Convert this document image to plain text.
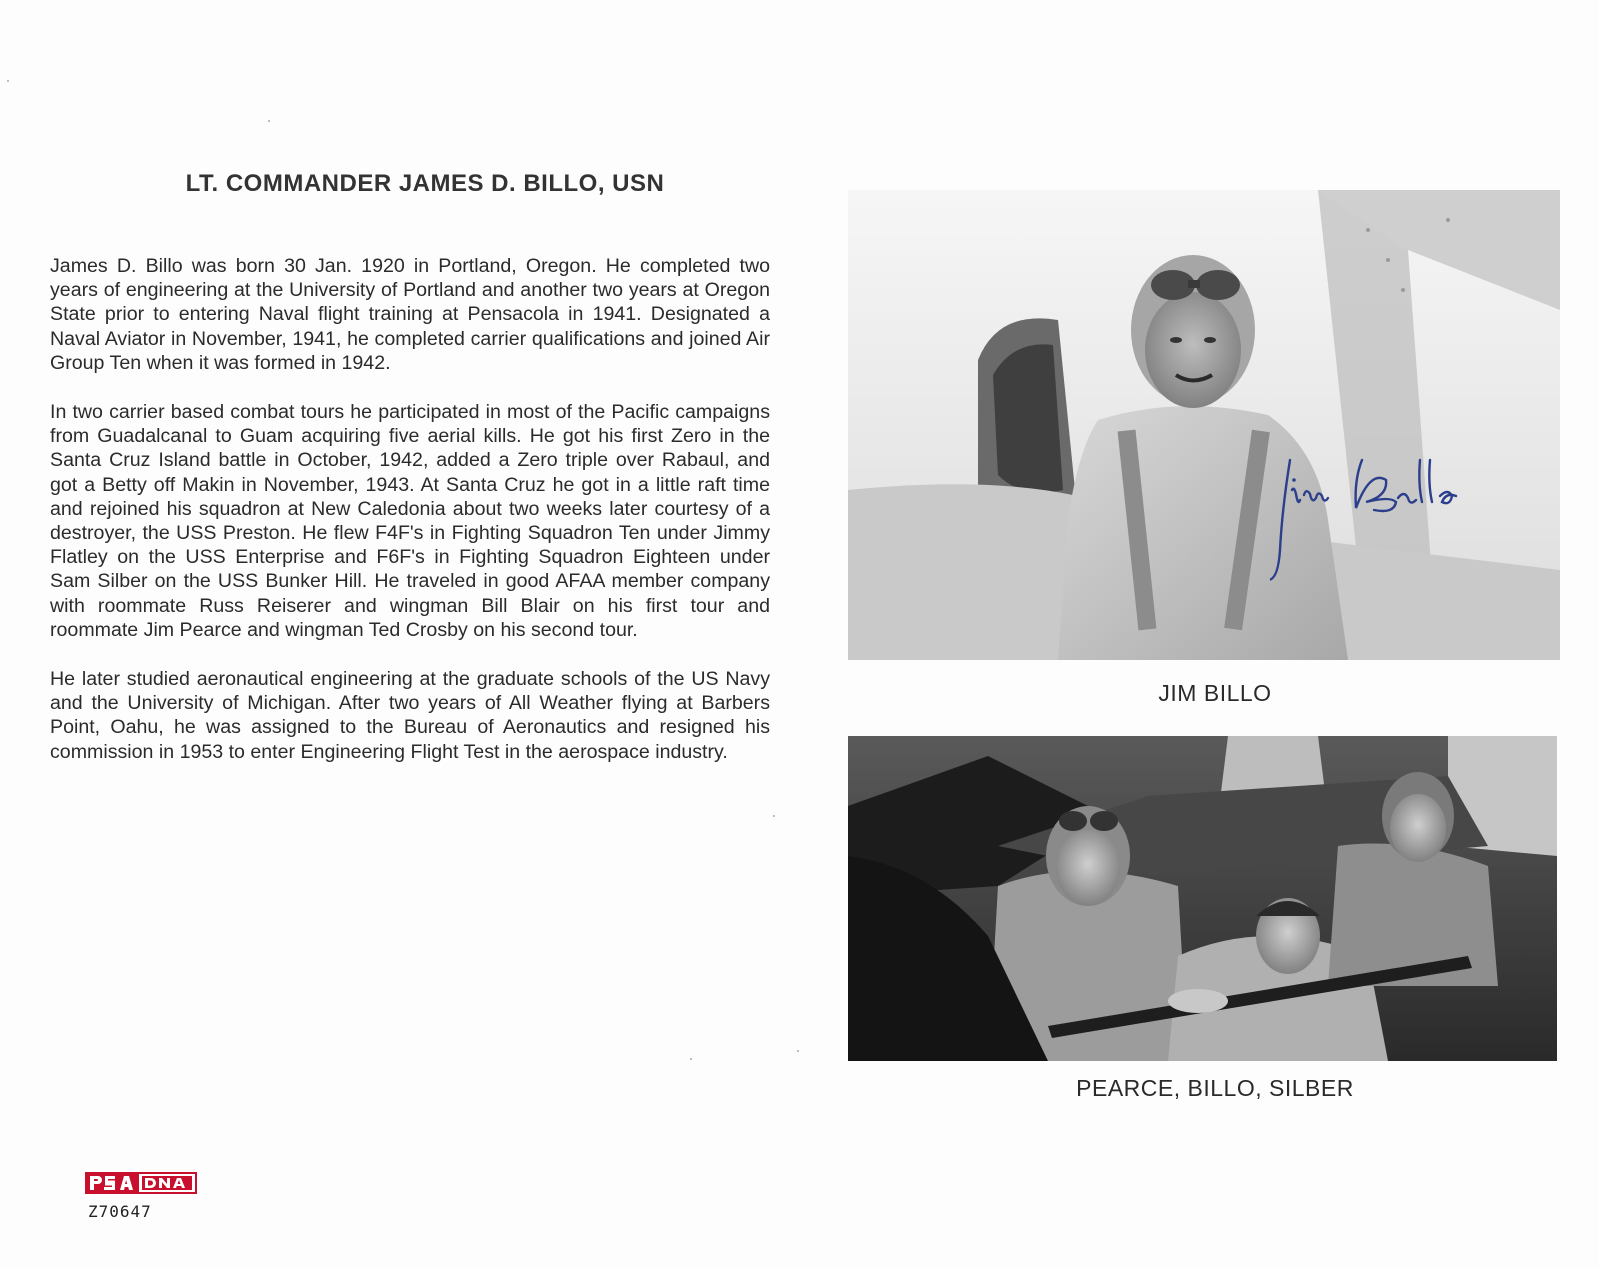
LT. COMMANDER JAMES D. BILLO, USN

James D. Billo was born 30 Jan. 1920 in Portland, Oregon. He completed two years of engineering at the University of Portland and another two years at Oregon State prior to entering Naval flight training at Pensacola in 1941. Designated a Naval Aviator in November, 1941, he completed carrier qualifications and joined Air Group Ten when it was formed in 1942.

In two carrier based combat tours he participated in most of the Pacific campaigns from Guadalcanal to Guam acquiring five aerial kills. He got his first Zero in the Santa Cruz Island battle in October, 1942, added a Zero triple over Rabaul, and got a Betty off Makin in November, 1943. At Santa Cruz he got in a little raft time and rejoined his squadron at New Caledonia about two weeks later courtesy of a destroyer, the USS Preston. He flew F4F's in Fighting Squadron Ten under Jimmy Flatley on the USS Enterprise and F6F's in Fighting Squadron Eighteen under Sam Silber on the USS Bunker Hill. He traveled in good AFAA member company with roommate Russ Reiserer and wingman Bill Blair on his first tour and roommate Jim Pearce and wingman Ted Crosby on his second tour.

He later studied aeronautical engineering at the graduate schools of the US Navy and the University of Michigan. After two years of All Weather flying at Barbers Point, Oahu, he was assigned to the Bureau of Aeronautics and resigned his commission in 1953 to enter Engineering Flight Test in the aerospace industry.

JIM BILLO
PEARCE, BILLO, SILBER
Z70647
